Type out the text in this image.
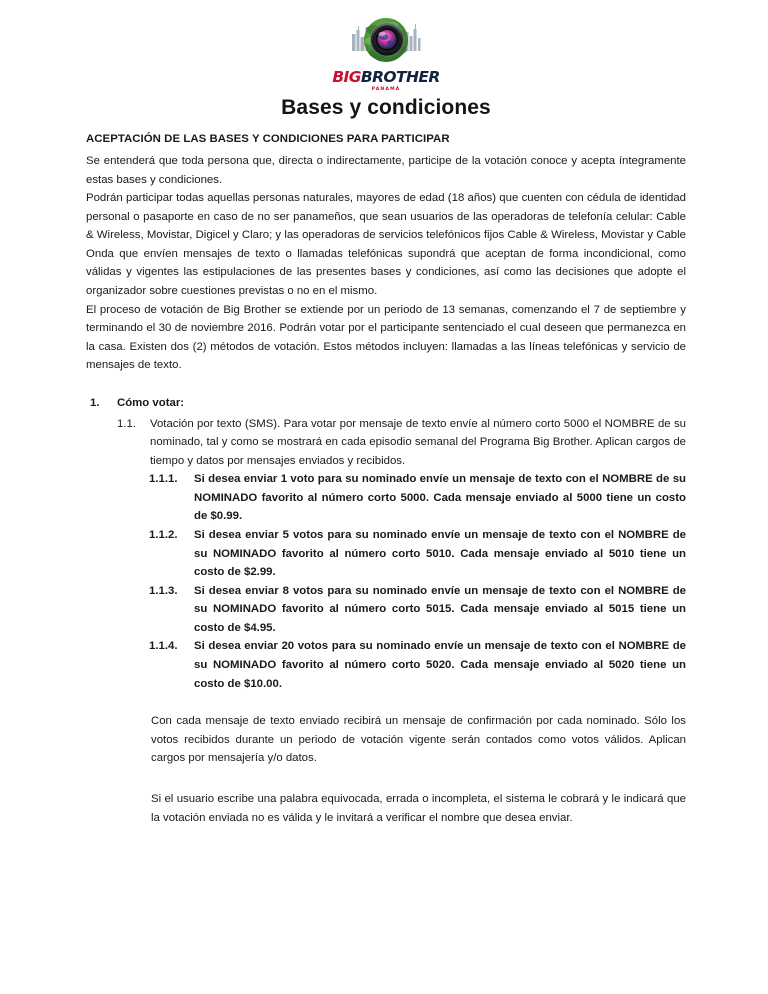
BIG BROTHER
PANAMÁ
Bases y condiciones
ACEPTACIÓN DE LAS BASES Y CONDICIONES PARA PARTICIPAR

Se entenderá que toda persona que, directa o indirectamente, participe de la votación conoce y acepta íntegramente estas bases y condiciones.

Podrán participar todas aquellas personas naturales, mayores de edad (18 años) que cuenten con cédula de identidad personal o pasaporte en caso de no ser panameños, que sean usuarios de las operadoras de telefonía celular: Cable & Wireless, Movistar, Digicel y Claro; y las operadoras de servicios telefónicos fijos Cable & Wireless, Movistar y Cable Onda que envíen mensajes de texto o llamadas telefónicas supondrá que aceptan de forma incondicional, como válidas y vigentes las estipulaciones de las presentes bases y condiciones, así como las decisiones que adopte el organizador sobre cuestiones previstas o no en el mismo.

El proceso de votación de Big Brother se extiende por un periodo de 13 semanas, comenzando el 7 de septiembre y terminando el 30 de noviembre 2016. Podrán votar por el participante sentenciado el cual deseen que permanezca en la casa. Existen dos (2) métodos de votación. Estos métodos incluyen: llamadas a las líneas telefónicas y servicio de mensajes de texto.

1. Cómo votar:
1.1. Votación por texto (SMS). Para votar por mensaje de texto envíe al número corto 5000 el NOMBRE de su nominado, tal y como se mostrará en cada episodio semanal del Programa Big Brother. Aplican cargos de tiempo y datos por mensajes enviados y recibidos.
1.1.1. Si desea enviar 1 voto para su nominado envíe un mensaje de texto con el NOMBRE de su NOMINADO favorito al número corto 5000. Cada mensaje enviado al 5000 tiene un costo de $0.99.
1.1.2. Si desea enviar 5 votos para su nominado envíe un mensaje de texto con el NOMBRE de su NOMINADO favorito al número corto 5010. Cada mensaje enviado al 5010 tiene un costo de $2.99.
1.1.3. Si desea enviar 8 votos para su nominado envíe un mensaje de texto con el NOMBRE de su NOMINADO favorito al número corto 5015. Cada mensaje enviado al 5015 tiene un costo de $4.95.
1.1.4. Si desea enviar 20 votos para su nominado envíe un mensaje de texto con el NOMBRE de su NOMINADO favorito al número corto 5020. Cada mensaje enviado al 5020 tiene un costo de $10.00.

Con cada mensaje de texto enviado recibirá un mensaje de confirmación por cada nominado. Sólo los votos recibidos durante un periodo de votación vigente serán contados como votos válidos. Aplican cargos por mensajería y/o datos.

Si el usuario escribe una palabra equivocada, errada o incompleta, el sistema le cobrará y le indicará que la votación enviada no es válida y le invitará a verificar el nombre que desea enviar.
